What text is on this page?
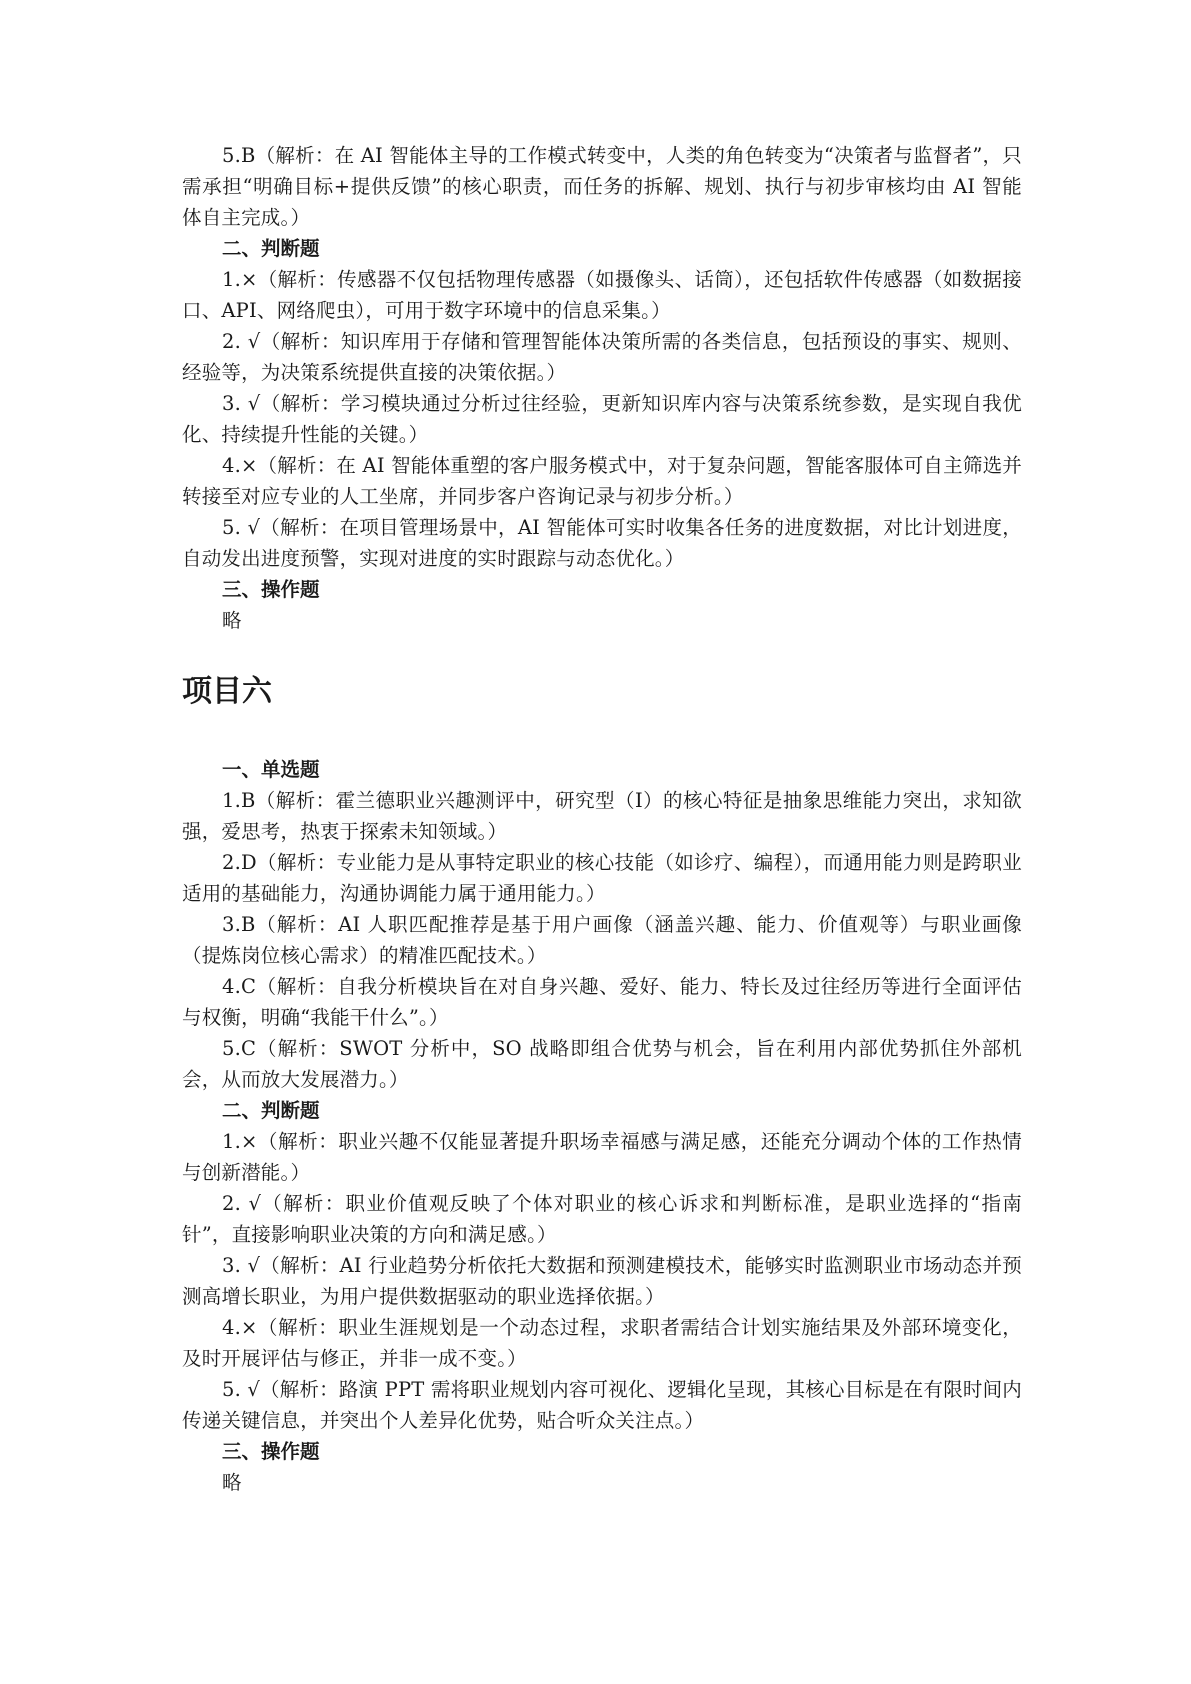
5.B（解析：在 AI 智能体主导的工作模式转变中，人类的角色转变为“决策者与监督者”，只需承担“明确目标+提供反馈”的核心职责，而任务的拆解、规划、执行与初步审核均由 AI 智能体自主完成。）

二、判断题

1.×（解析：传感器不仅包括物理传感器（如摄像头、话筒），还包括软件传感器（如数据接口、API、网络爬虫），可用于数字环境中的信息采集。）

2. √（解析：知识库用于存储和管理智能体决策所需的各类信息，包括预设的事实、规则、经验等，为决策系统提供直接的决策依据。）

3. √（解析：学习模块通过分析过往经验，更新知识库内容与决策系统参数，是实现自我优化、持续提升性能的关键。）

4.×（解析：在 AI 智能体重塑的客户服务模式中，对于复杂问题，智能客服体可自主筛选并转接至对应专业的人工坐席，并同步客户咨询记录与初步分析。）

5. √（解析：在项目管理场景中，AI 智能体可实时收集各任务的进度数据，对比计划进度，自动发出进度预警，实现对进度的实时跟踪与动态优化。）

三、操作题

略

项目六

一、单选题

1.B（解析：霍兰德职业兴趣测评中，研究型（I）的核心特征是抽象思维能力突出，求知欲强，爱思考，热衷于探索未知领域。）

2.D（解析：专业能力是从事特定职业的核心技能（如诊疗、编程），而通用能力则是跨职业适用的基础能力，沟通协调能力属于通用能力。）

3.B（解析：AI 人职匹配推荐是基于用户画像（涵盖兴趣、能力、价值观等）与职业画像（提炼岗位核心需求）的精准匹配技术。）

4.C（解析：自我分析模块旨在对自身兴趣、爱好、能力、特长及过往经历等进行全面评估与权衡，明确“我能干什么”。）

5.C（解析：SWOT 分析中，SO 战略即组合优势与机会，旨在利用内部优势抓住外部机会，从而放大发展潜力。）

二、判断题

1.×（解析：职业兴趣不仅能显著提升职场幸福感与满足感，还能充分调动个体的工作热情与创新潜能。）

2. √（解析：职业价值观反映了个体对职业的核心诉求和判断标准，是职业选择的“指南针”，直接影响职业决策的方向和满足感。）

3. √（解析：AI 行业趋势分析依托大数据和预测建模技术，能够实时监测职业市场动态并预测高增长职业，为用户提供数据驱动的职业选择依据。）

4.×（解析：职业生涯规划是一个动态过程，求职者需结合计划实施结果及外部环境变化，及时开展评估与修正，并非一成不变。）

5. √（解析：路演 PPT 需将职业规划内容可视化、逻辑化呈现，其核心目标是在有限时间内传递关键信息，并突出个人差异化优势，贴合听众关注点。）

三、操作题

略
